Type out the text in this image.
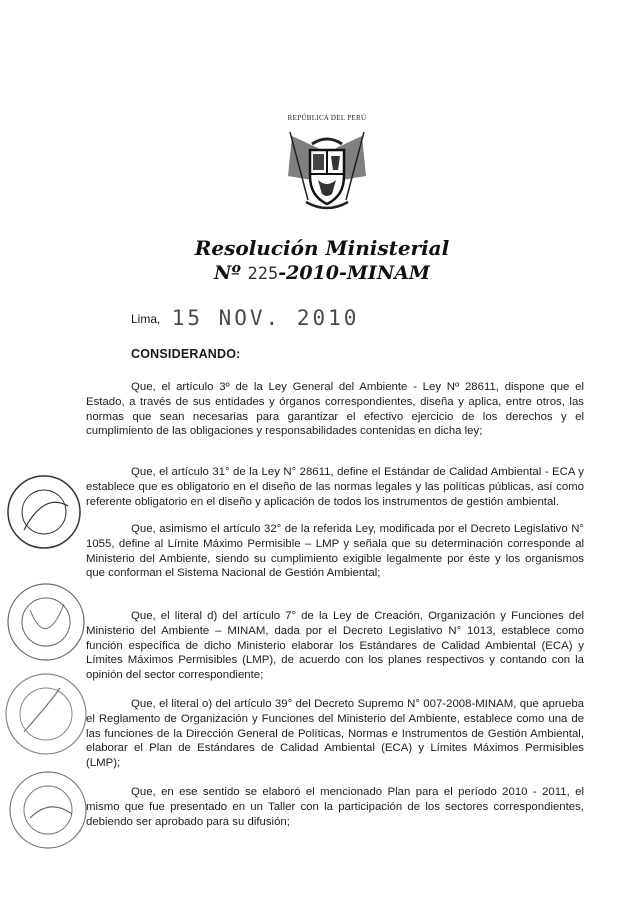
REPÚBLICA DEL PERÚ
Resolución Ministerial
Nº 225-2010-MINAM
Lima, 15 NOV. 2010
CONSIDERANDO:

Que, el artículo 3º de la Ley General del Ambiente - Ley Nº 28611, dispone que el Estado, a través de sus entidades y órganos correspondientes, diseña y aplica, entre otros, las normas que sean necesarias para garantizar el efectivo ejercicio de los derechos y el cumplimiento de las obligaciones y responsabilidades contenidas en dicha ley;

Que, el artículo 31° de la Ley N° 28611, define el Estándar de Calidad Ambiental - ECA y establece que es obligatorio en el diseño de las normas legales y las políticas públicas, así como referente obligatorio en el diseño y aplicación de todos los instrumentos de gestión ambiental.

Que, asimismo el artículo 32° de la referida Ley, modificada por el Decreto Legislativo N° 1055, define al Límite Máximo Permisible – LMP y señala que su determinación corresponde al Ministerio del Ambiente, siendo su cumplimiento exigible legalmente por éste y los organismos que conforman el Sistema Nacional de Gestión Ambiental;

Que, el literal d) del artículo 7° de la Ley de Creación, Organización y Funciones del Ministerio del Ambiente – MINAM, dada por el Decreto Legislativo N° 1013, establece como función específica de dicho Ministerio elaborar los Estándares de Calidad Ambiental (ECA) y Límites Máximos Permisibles (LMP), de acuerdo con los planes respectivos y contando con la opinión del sector correspondiente;

Que, el literal o) del artículo 39° del Decreto Supremo N° 007-2008-MINAM, que aprueba el Reglamento de Organización y Funciones del Ministerio del Ambiente, establece como una de las funciones de la Dirección General de Políticas, Normas e Instrumentos de Gestión Ambiental, elaborar el Plan de Estándares de Calidad Ambiental (ECA) y Límites Máximos Permisibles (LMP);

Que, en ese sentido se elaboró el mencionado Plan para el período 2010 - 2011, el mismo que fue presentado en un Taller con la participación de los sectores correspondientes, debiendo ser aprobado para su difusión;
